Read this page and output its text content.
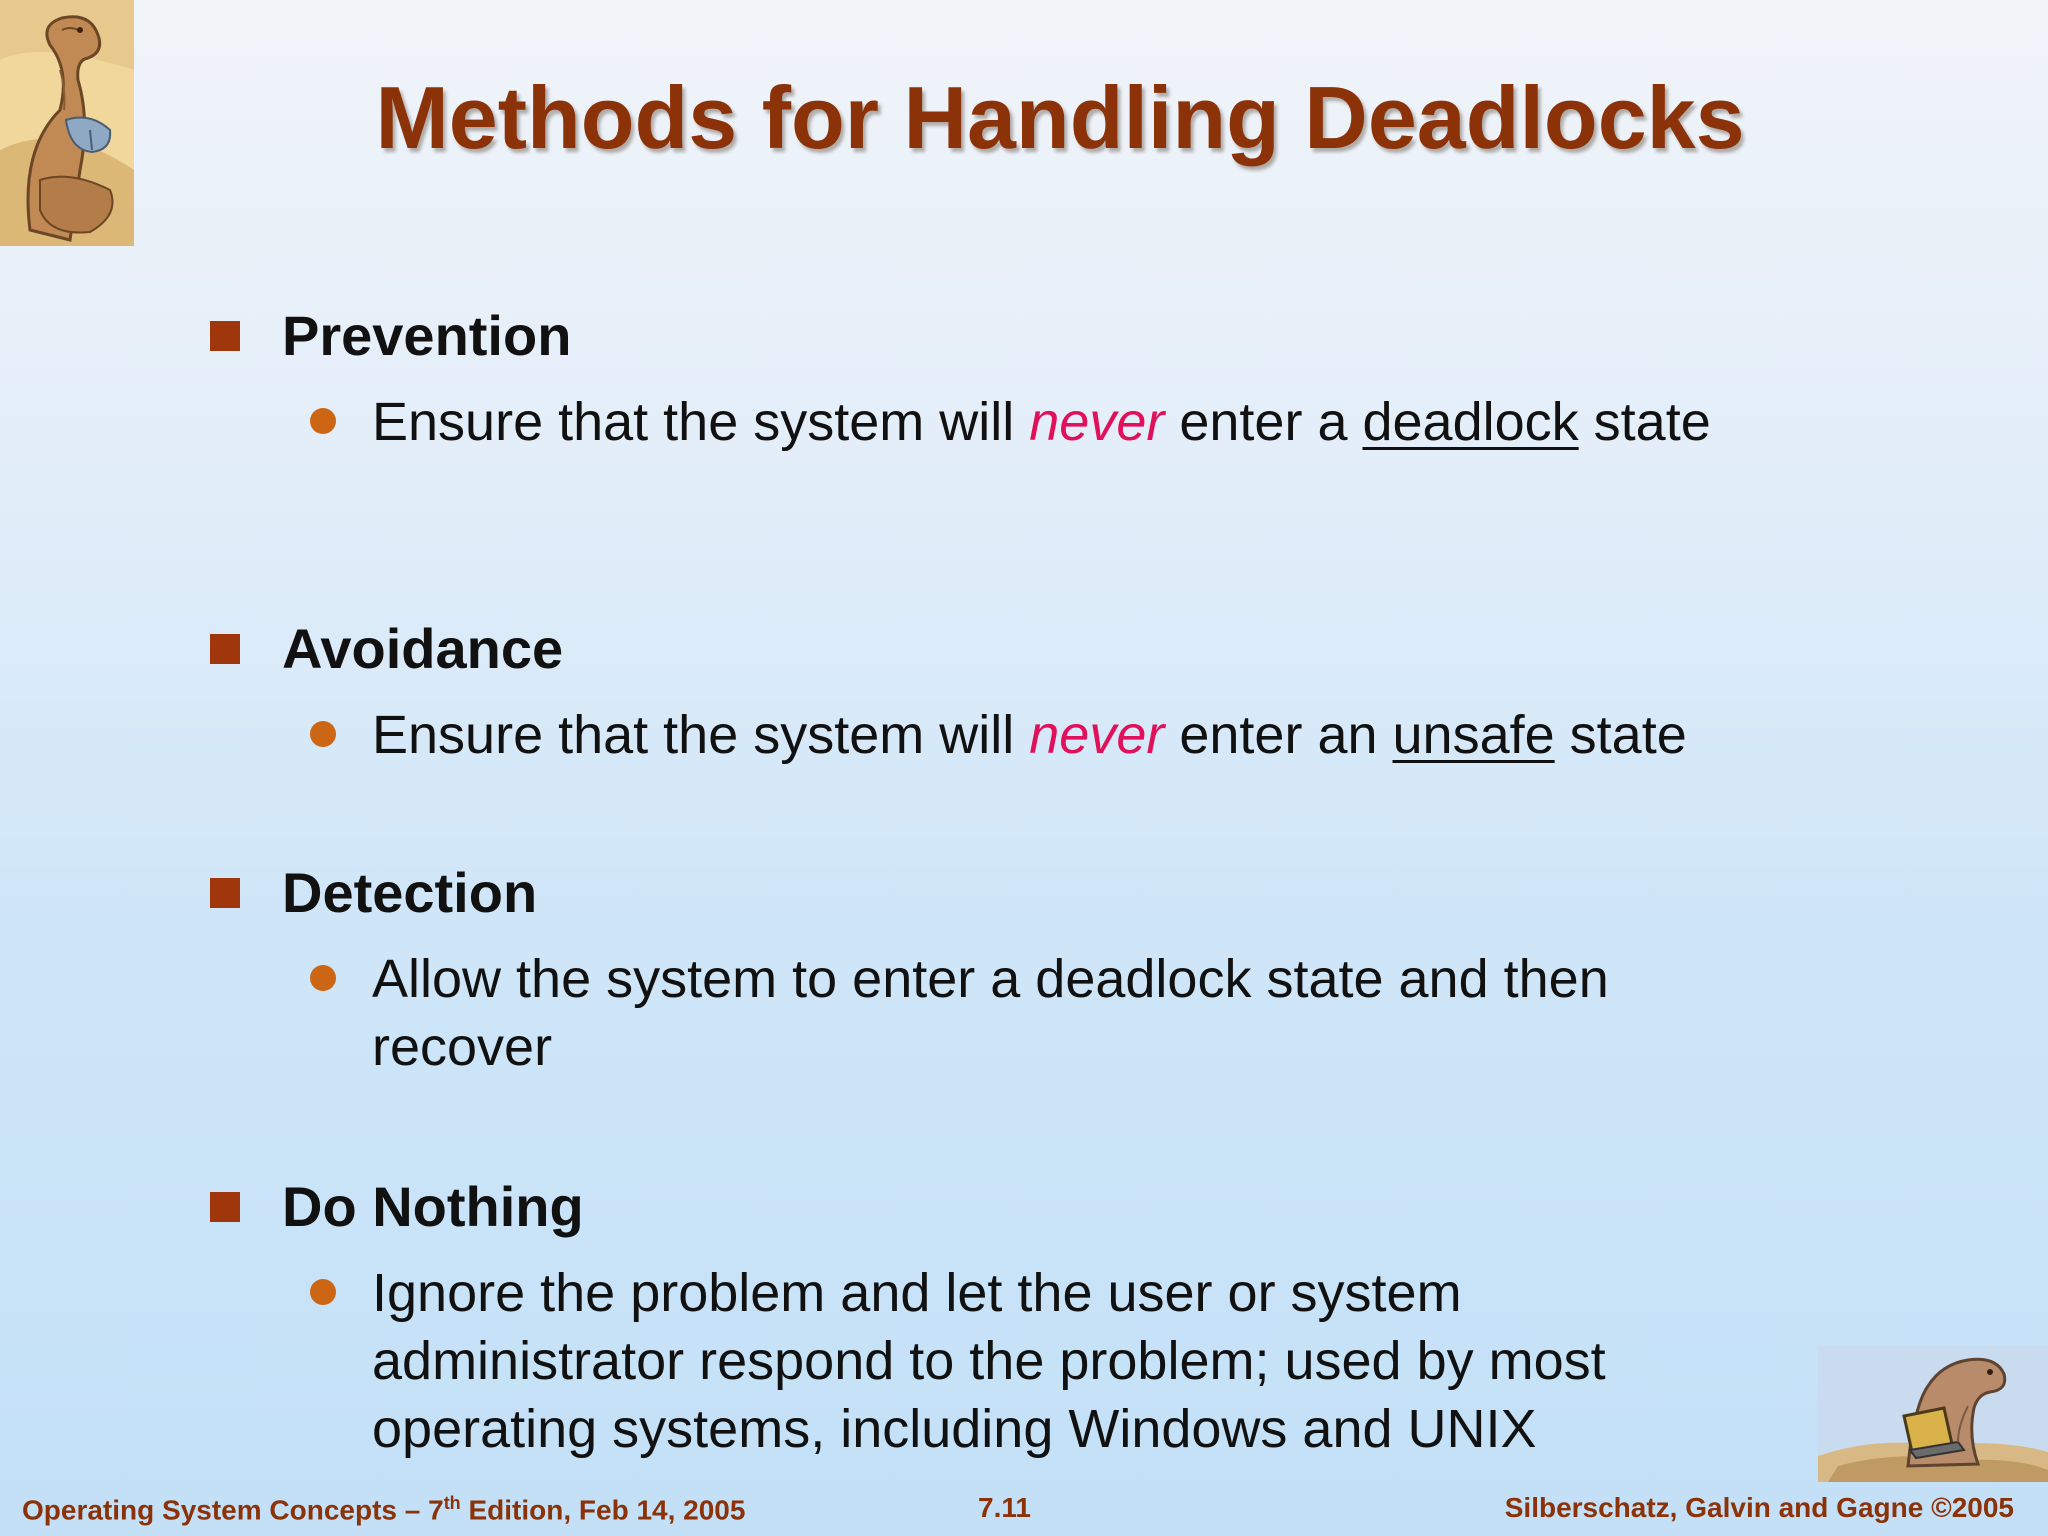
Methods for Handling Deadlocks
Prevention
Ensure that the system will never enter a deadlock state
Avoidance
Ensure that the system will never enter an unsafe state
Detection
Allow the system to enter a deadlock state and then recover
Do Nothing
Ignore the problem and let the user or system administrator respond to the problem; used by most operating systems, including Windows and UNIX
Operating System Concepts – 7th Edition, Feb 14, 2005	7.11	Silberschatz, Galvin and Gagne ©2005
